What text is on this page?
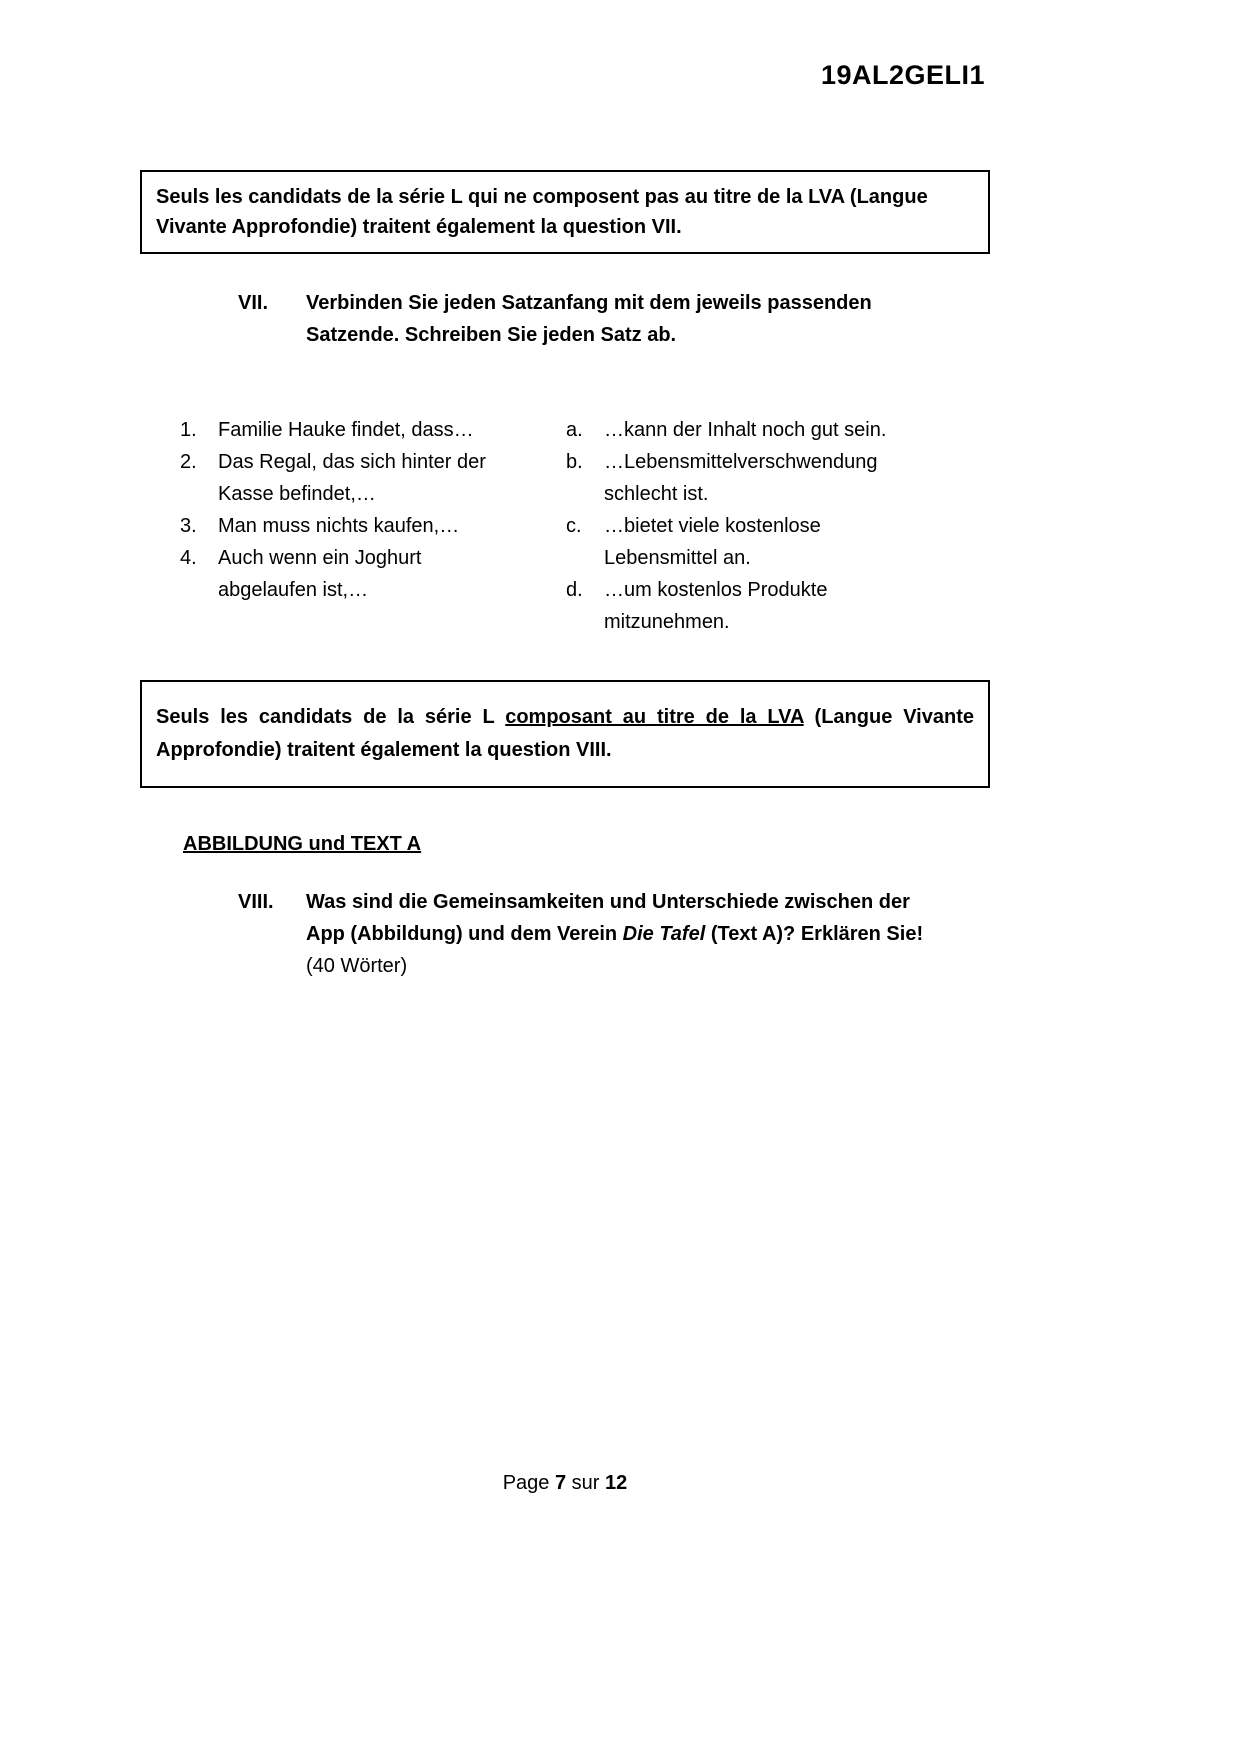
19AL2GELI1

Seuls les candidats de la série L qui ne composent pas au titre de la LVA (Langue Vivante Approfondie) traitent également la question VII.

VII.	Verbinden Sie jeden Satzanfang mit dem jeweils passenden Satzende. Schreiben Sie jeden Satz ab.
1.	Familie Hauke findet, dass…
2.	Das Regal, das sich hinter der Kasse befindet,…
3.	Man muss nichts kaufen,…
4.	Auch wenn ein Joghurt abgelaufen ist,…
a.	…kann der Inhalt noch gut sein.
b.	…Lebensmittelverschwendung schlecht ist.
c.	…bietet viele kostenlose Lebensmittel an.
d.	…um kostenlos Produkte mitzunehmen.

Seuls les candidats de la série L composant au titre de la LVA (Langue Vivante Approfondie) traitent également la question VIII.

ABBILDUNG und TEXT A
VIII.	Was sind die Gemeinsamkeiten und Unterschiede zwischen der App (Abbildung) und dem Verein Die Tafel (Text A)? Erklären Sie! (40 Wörter)
Page 7 sur 12
